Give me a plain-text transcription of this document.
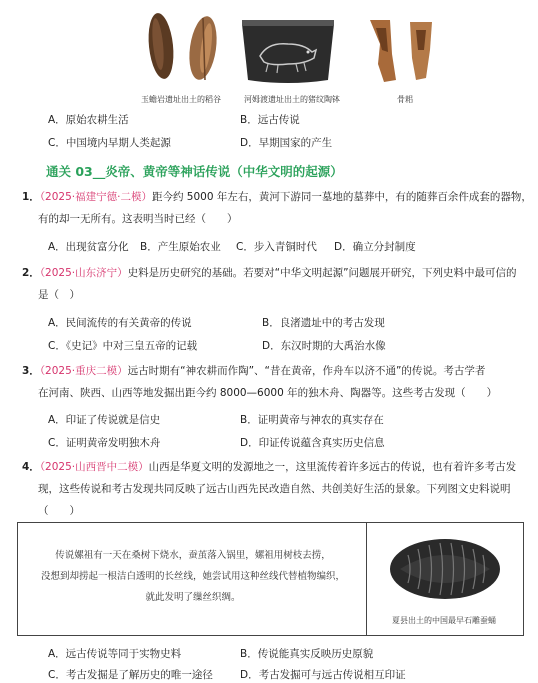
玉蟾岩遗址出土的稻谷	河姆渡遗址出土的猪纹陶钵	骨耜
A．原始农耕生活	B．远古传说
C．中国境内早期人类起源	D．早期国家的产生
通关 03__炎帝、黄帝等神话传说（中华文明的起源）
1．（2025·福建宁德·二模）距今约 5000 年左右，黄河下游同一墓地的墓葬中，有的随葬百余件成套的器物，
有的却一无所有。这表明当时已经（　　）
A．出现贫富分化 B．产生原始农业 C．步入青铜时代 D．确立分封制度
2．（2025·山东济宁）史料是历史研究的基础。若要对“中华文明起源”问题展开研究，下列史料中最可信的
是（　）
A．民间流传的有关黄帝的传说	B．良渚遗址中的考古发现
C．《史记》中对三皇五帝的记载	D．东汉时期的大禹治水像
3．（2025·重庆二模）远古时期有“神农耕而作陶”、“昔在黄帝，作舟车以济不通”的传说。考古学者
在河南、陕西、山西等地发掘出距今约 8000—6000 年的独木舟、陶器等。这些考古发现（　　）
A．印证了传说就是信史	B．证明黄帝与神农的真实存在
C．证明黄帝发明独木舟	D．印证传说蕴含真实历史信息
4．（2025·山西晋中二模）山西是华夏文明的发源地之一，这里流传着许多远古的传说，也有着许多考古发
现，这些传说和考古发现共同反映了远古山西先民改造自然、共创美好生活的景象。下列图文史料说明
（　　）
传说嫘祖有一天在桑树下烧水，蚕茧落入锅里，嫘祖用树枝去捞，
没想到却捞起一根洁白透明的长丝线，她尝试用这种丝线代替植物编织，
就此发明了缫丝织绸。
夏县出土的中国最早石雕蚕蛹
A．远古传说等同于实物史料	B．传说能真实反映历史原貌
C．考古发掘是了解历史的唯一途径	D．考古发掘可与远古传说相互印证
